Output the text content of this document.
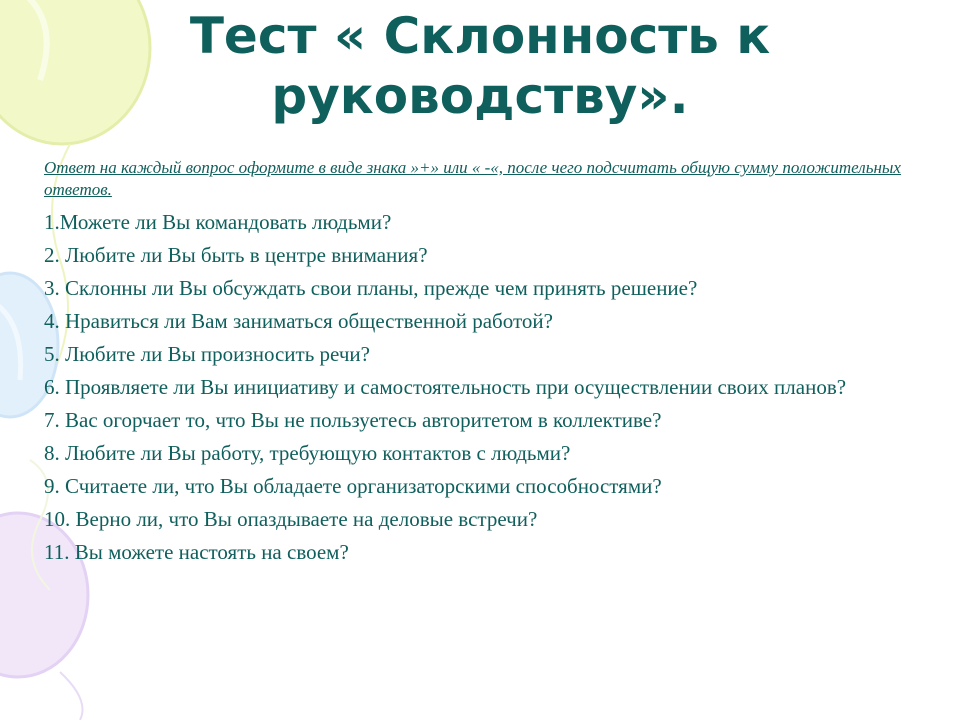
Тест « Склонность к руководству».

Ответ на каждый вопрос оформите в виде знака »+» или « -«, после чего подсчитать общую сумму положительных ответов.

1.Можете ли Вы командовать людьми?
2. Любите ли Вы быть в центре внимания?
3. Склонны ли Вы обсуждать свои планы, прежде чем принять решение?
4. Нравиться ли Вам заниматься общественной работой?
5. Любите ли Вы произносить речи?
6. Проявляете ли Вы инициативу и самостоятельность при осуществлении своих планов?
7. Вас огорчает то, что Вы не пользуетесь авторитетом в коллективе?
8. Любите ли Вы работу, требующую контактов с людьми?
9. Считаете ли, что Вы обладаете организаторскими способностями?
10. Верно ли, что Вы опаздываете на деловые встречи?
11. Вы можете настоять на своем?
